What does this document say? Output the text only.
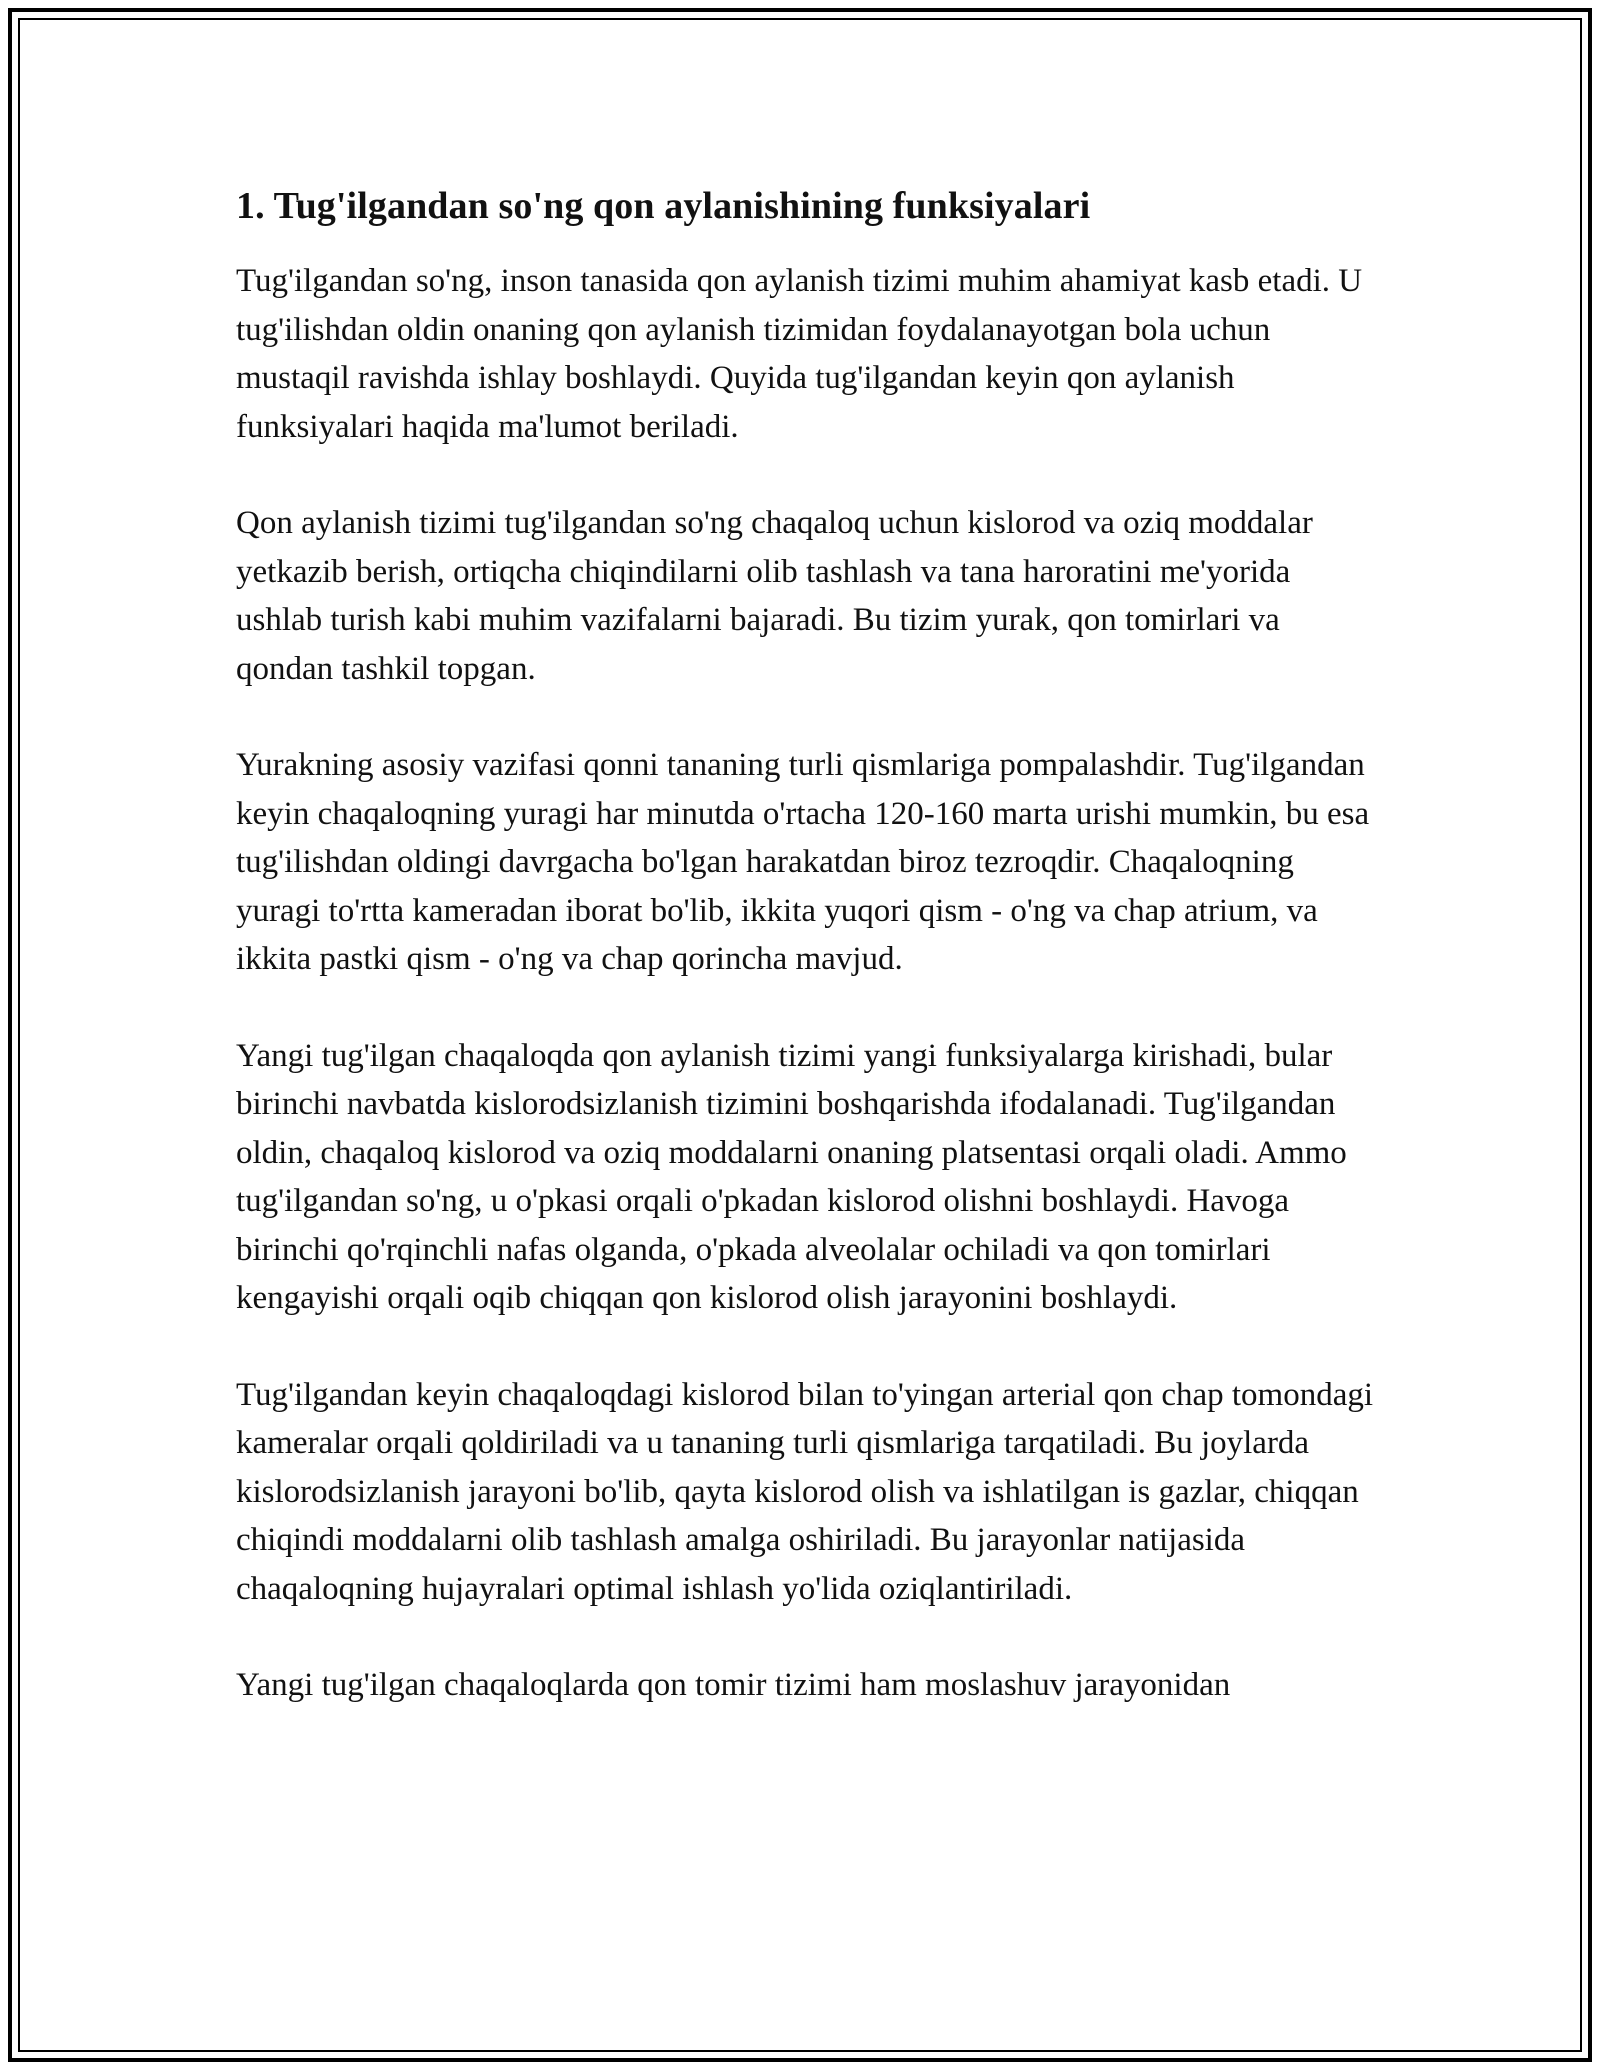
1. Tug'ilgandan so'ng qon aylanishining funksiyalari

Tug'ilgandan so'ng, inson tanasida qon aylanish tizimi muhim ahamiyat kasb etadi. U tug'ilishdan oldin onaning qon aylanish tizimidan foydalanayotgan bola uchun mustaqil ravishda ishlay boshlaydi. Quyida tug'ilgandan keyin qon aylanish funksiyalari haqida ma'lumot beriladi.

Qon aylanish tizimi tug'ilgandan so'ng chaqaloq uchun kislorod va oziq moddalar yetkazib berish, ortiqcha chiqindilarni olib tashlash va tana haroratini me'yorida ushlab turish kabi muhim vazifalarni bajaradi. Bu tizim yurak, qon tomirlari va qondan tashkil topgan.

Yurakning asosiy vazifasi qonni tananing turli qismlariga pompalashdir. Tug'ilgandan keyin chaqaloqning yuragi har minutda o'rtacha 120-160 marta urishi mumkin, bu esa tug'ilishdan oldingi davrgacha bo'lgan harakatdan biroz tezroqdir. Chaqaloqning yuragi to'rtta kameradan iborat bo'lib, ikkita yuqori qism - o'ng va chap atrium, va ikkita pastki qism - o'ng va chap qorincha mavjud.

Yangi tug'ilgan chaqaloqda qon aylanish tizimi yangi funksiyalarga kirishadi, bular birinchi navbatda kislorodsizlanish tizimini boshqarishda ifodalanadi. Tug'ilgandan oldin, chaqaloq kislorod va oziq moddalarni onaning platsentasi orqali oladi. Ammo tug'ilgandan so'ng, u o'pkasi orqali o'pkadan kislorod olishni boshlaydi. Havoga birinchi qo'rqinchli nafas olganda, o'pkada alveolalar ochiladi va qon tomirlari kengayishi orqali oqib chiqqan qon kislorod olish jarayonini boshlaydi.

Tug'ilgandan keyin chaqaloqdagi kislorod bilan to'yingan arterial qon chap tomondagi kameralar orqali qoldiriladi va u tananing turli qismlariga tarqatiladi. Bu joylarda kislorodsizlanish jarayoni bo'lib, qayta kislorod olish va ishlatilgan is gazlar, chiqqan chiqindi moddalarni olib tashlash amalga oshiriladi. Bu jarayonlar natijasida chaqaloqning hujayralari optimal ishlash yo'lida oziqlantiriladi.

Yangi tug'ilgan chaqaloqlarda qon tomir tizimi ham moslashuv jarayonidan
